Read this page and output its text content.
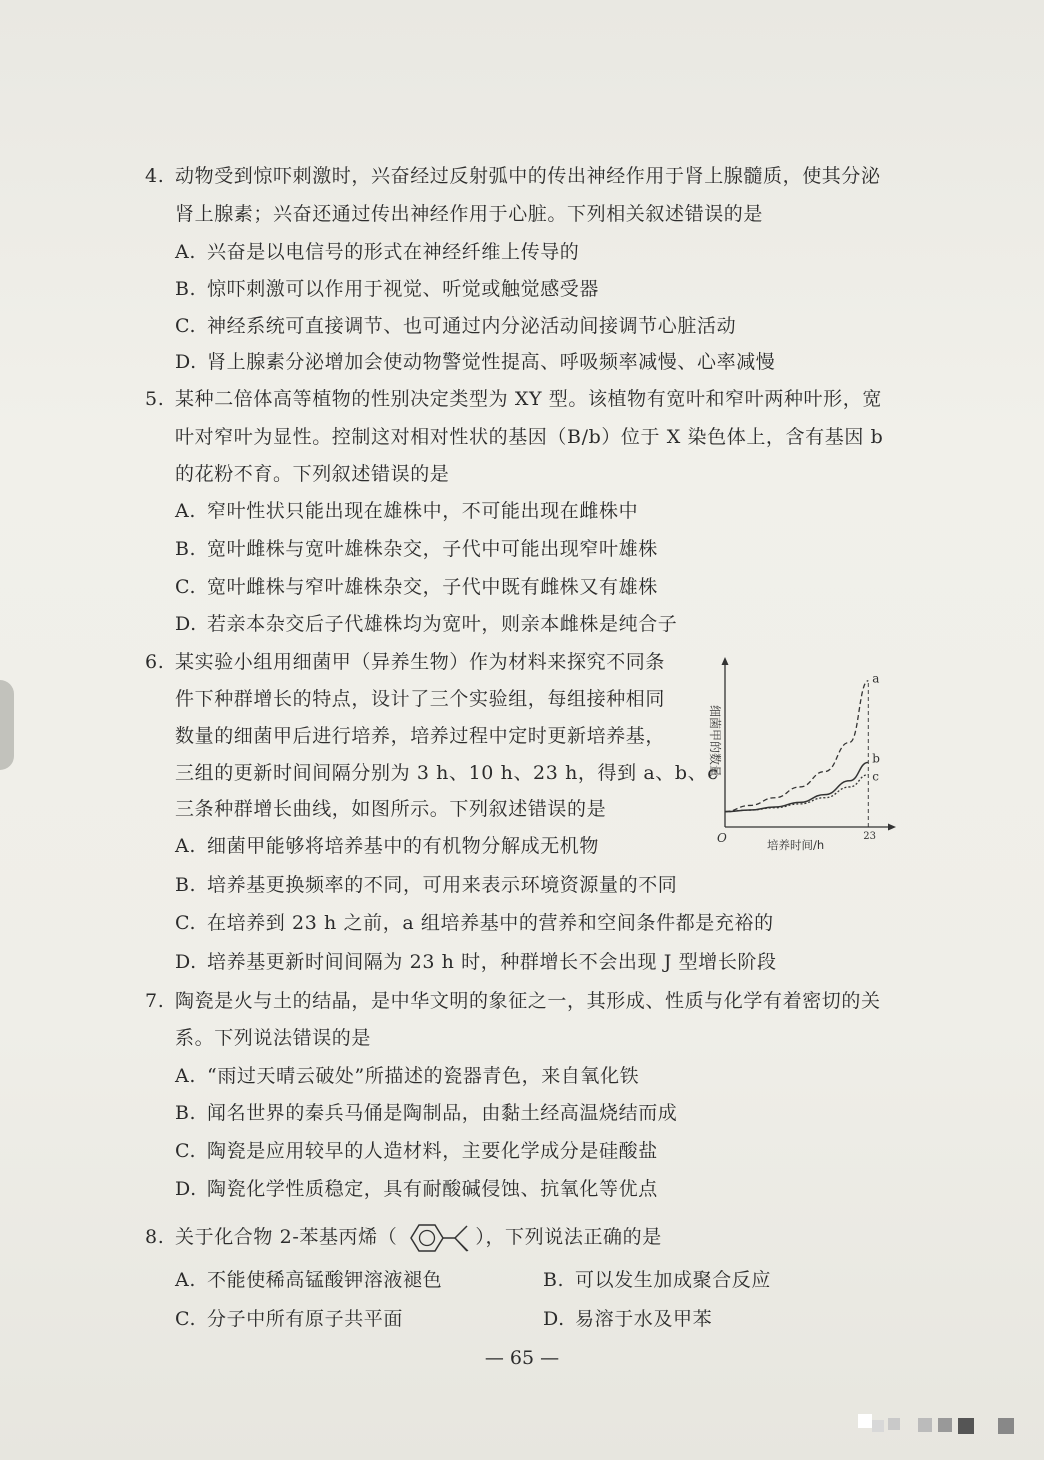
4. 动物受到惊吓刺激时，兴奋经过反射弧中的传出神经作用于肾上腺髓质，使其分泌
肾上腺素；兴奋还通过传出神经作用于心脏。下列相关叙述错误的是
A. 兴奋是以电信号的形式在神经纤维上传导的
B. 惊吓刺激可以作用于视觉、听觉或触觉感受器
C. 神经系统可直接调节、也可通过内分泌活动间接调节心脏活动
D. 肾上腺素分泌增加会使动物警觉性提高、呼吸频率减慢、心率减慢
5. 某种二倍体高等植物的性别决定类型为 XY 型。该植物有宽叶和窄叶两种叶形，宽
叶对窄叶为显性。控制这对相对性状的基因（B/b）位于 X 染色体上，含有基因 b
的花粉不育。下列叙述错误的是
A. 窄叶性状只能出现在雄株中，不可能出现在雌株中
B. 宽叶雌株与宽叶雄株杂交，子代中可能出现窄叶雄株
C. 宽叶雌株与窄叶雄株杂交，子代中既有雌株又有雄株
D. 若亲本杂交后子代雄株均为宽叶，则亲本雌株是纯合子
6. 某实验小组用细菌甲（异养生物）作为材料来探究不同条
件下种群增长的特点，设计了三个实验组，每组接种相同
数量的细菌甲后进行培养，培养过程中定时更新培养基，
三组的更新时间间隔分别为 3 h、10 h、23 h，得到 a、b、c
三条种群增长曲线，如图所示。下列叙述错误的是
A. 细菌甲能够将培养基中的有机物分解成无机物
B. 培养基更换频率的不同，可用来表示环境资源量的不同
C. 在培养到 23 h 之前，a 组培养基中的营养和空间条件都是充裕的
D. 培养基更新时间间隔为 23 h 时，种群增长不会出现 J 型增长阶段
a
b
c
细菌甲的数量
O	培养时间/h
23
7. 陶瓷是火与土的结晶，是中华文明的象征之一，其形成、性质与化学有着密切的关
系。下列说法错误的是
A. “雨过天晴云破处”所描述的瓷器青色，来自氧化铁
B. 闻名世界的秦兵马俑是陶制品，由黏土经高温烧结而成
C. 陶瓷是应用较早的人造材料，主要化学成分是硅酸盐
D. 陶瓷化学性质稳定，具有耐酸碱侵蚀、抗氧化等优点
8. 关于化合物 2-苯基丙烯（	），下列说法正确的是
A. 不能使稀高锰酸钾溶液褪色	B. 可以发生加成聚合反应
C. 分子中所有原子共平面	D. 易溶于水及甲苯
— 65 —
